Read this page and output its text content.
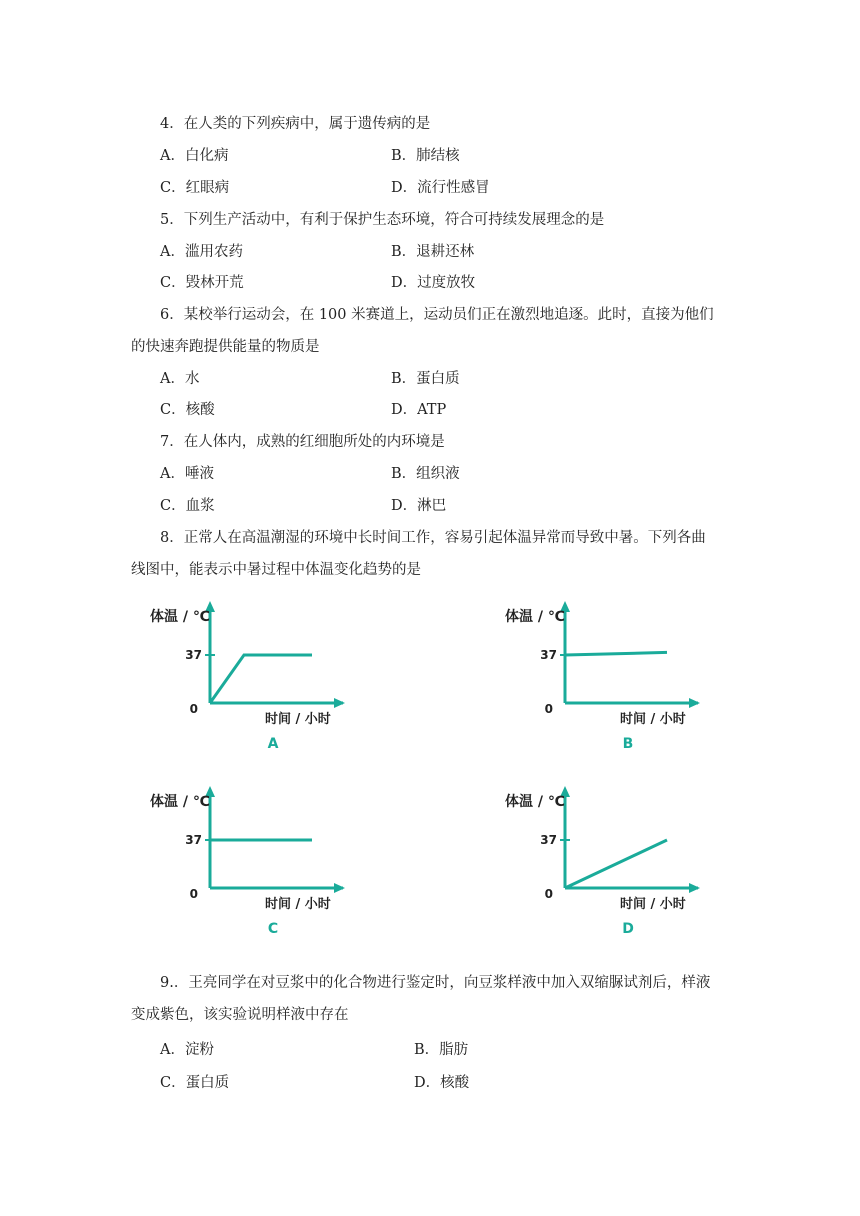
4．在人类的下列疾病中，属于遗传病的是
A．白化病	B．肺结核
C．红眼病	D．流行性感冒
5．下列生产活动中，有利于保护生态环境，符合可持续发展理念的是
A．滥用农药	B．退耕还林
C．毁林开荒	D．过度放牧
6．某校举行运动会，在 100 米赛道上，运动员们正在激烈地追逐。此时，直接为他们
的快速奔跑提供能量的物质是
A．水	B．蛋白质
C．核酸	D．ATP
7．在人体内，成熟的红细胞所处的内环境是
A．唾液	B．组织液
C．血浆	D．淋巴
8．正常人在高温潮湿的环境中长时间工作，容易引起体温异常而导致中暑。下列各曲
线图中，能表示中暑过程中体温变化趋势的是
37
0
体温 / ℃
时间 / 小时
A
37
0
体温 / ℃
时间 / 小时
B
37
0
体温 / ℃
时间 / 小时
C
37
0
体温 / ℃
时间 / 小时
D
9.．王亮同学在对豆浆中的化合物进行鉴定时，向豆浆样液中加入双缩脲试剂后，样液
变成紫色，该实验说明样液中存在
A．淀粉	B．脂肪
C．蛋白质	D．核酸
